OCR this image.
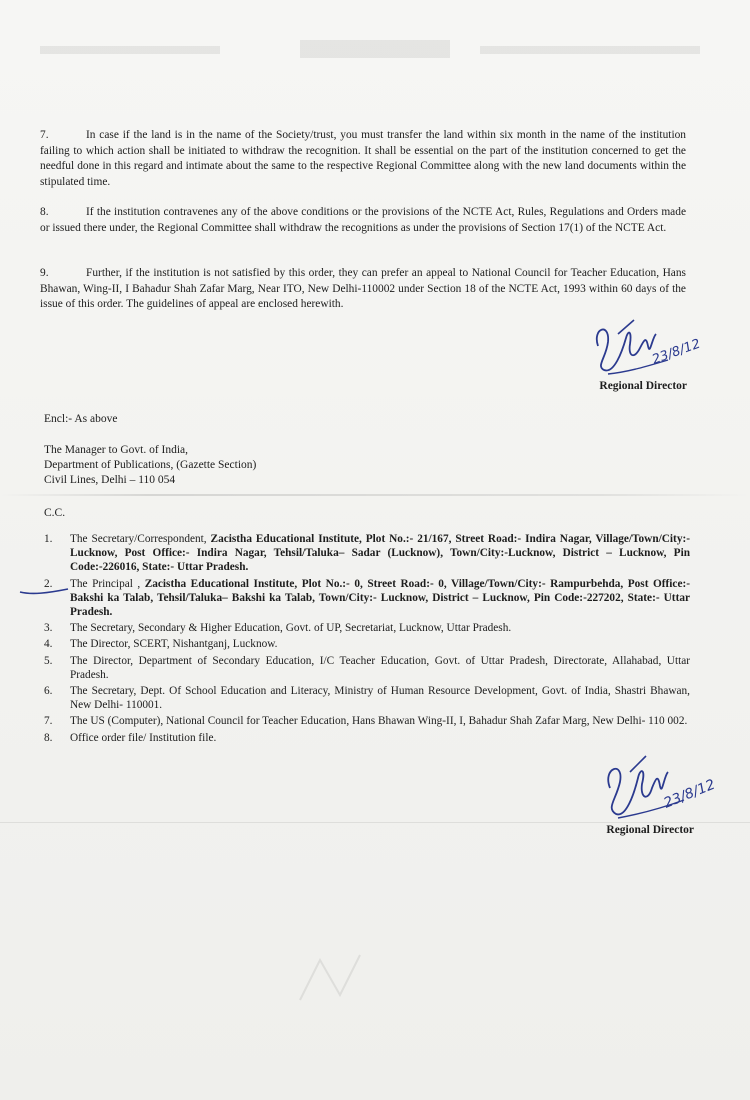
7.	In case if the land is in the name of the Society/trust, you must transfer the land within six month in the name of the institution failing to which action shall be initiated to withdraw the recognition. It shall be essential on the part of the institution concerned to get the needful done in this regard and intimate about the same to the respective Regional Committee along with the new land documents within the stipulated time.

8.	If the institution contravenes any of the above conditions or the provisions of the NCTE Act, Rules, Regulations and Orders made or issued there under, the Regional Committee shall withdraw the recognitions as under the provisions of Section 17(1) of the NCTE Act.

9.	Further, if the institution is not satisfied by this order, they can prefer an appeal to National Council for Teacher Education, Hans Bhawan, Wing-II, I Bahadur Shah Zafar Marg, Near ITO, New Delhi-110002 under Section 18 of the NCTE Act, 1993 within 60 days of the issue of this order. The guidelines of appeal are enclosed herewith.

23/8/12
Regional Director

Encl:- As above

The Manager to Govt. of India,

Department of Publications, (Gazette Section)

Civil Lines, Delhi – 110 054

C.C.

1. The Secretary/Correspondent, Zacistha Educational Institute, Plot No.:- 21/167, Street Road:- Indira Nagar, Village/Town/City:-Lucknow, Post Office:- Indira Nagar, Tehsil/Taluka– Sadar (Lucknow), Town/City:-Lucknow, District – Lucknow, Pin Code:-226016, State:- Uttar Pradesh.
2. The Principal , Zacistha Educational Institute, Plot No.:- 0, Street Road:- 0, Village/Town/City:- Rampurbehda, Post Office:- Bakshi ka Talab, Tehsil/Taluka– Bakshi ka Talab, Town/City:- Lucknow, District – Lucknow, Pin Code:-227202, State:- Uttar Pradesh.
3. The Secretary, Secondary & Higher Education, Govt. of UP, Secretariat, Lucknow, Uttar Pradesh.
4. The Director, SCERT, Nishantganj, Lucknow.
5. The Director, Department of Secondary Education, I/C Teacher Education, Govt. of Uttar Pradesh, Directorate, Allahabad, Uttar Pradesh.
6. The Secretary, Dept. Of School Education and Literacy, Ministry of Human Resource Development, Govt. of India, Shastri Bhawan, New Delhi- 110001.
7. The US (Computer), National Council for Teacher Education, Hans Bhawan Wing-II, I, Bahadur Shah Zafar Marg, New Delhi- 110 002.
8. Office order file/ Institution file.
23/8/12
Regional Director
